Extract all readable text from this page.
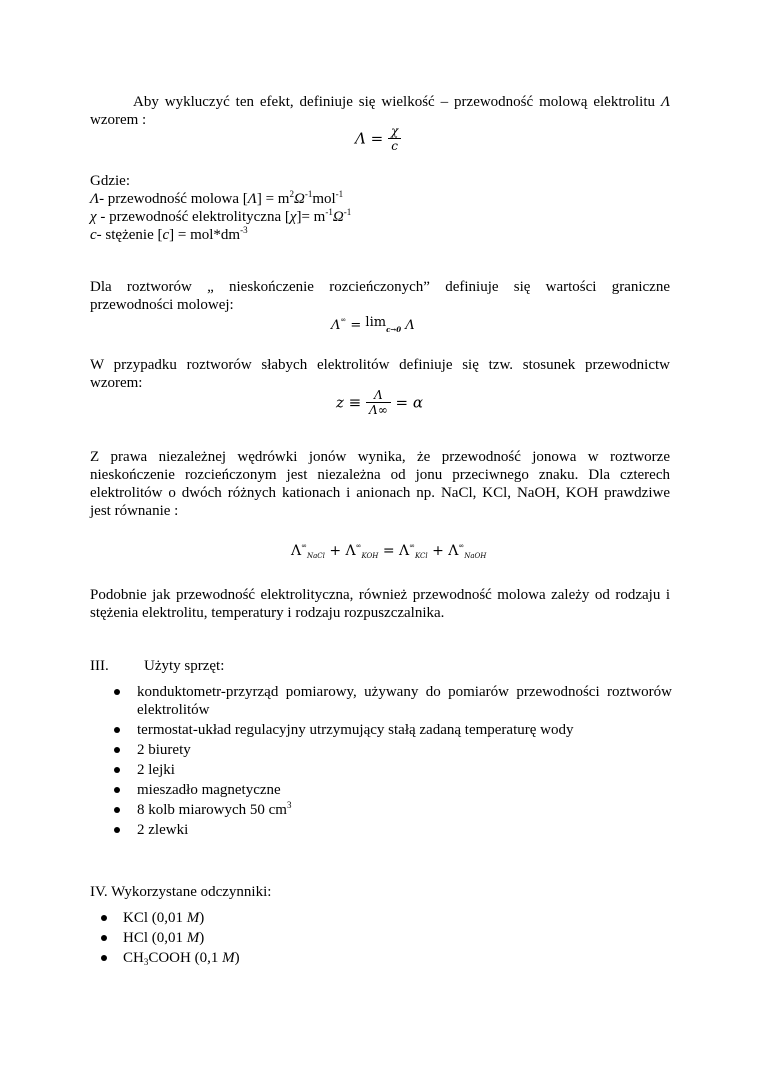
Aby wykluczyć ten efekt, definiuje się wielkość – przewodność molową elektrolitu Λ
wzorem :
$\Lambda = \frac{\chi}{c}$
Gdzie:
Λ- przewodność molowa $[\Lambda] = m^2\Omega^{-1}mol^{-1}$
χ - przewodność elektrolityczna $[\chi]= m^{-1}\Omega^{-1}$
c- stężenie $[c] = mol*dm^{-3}$
Dla roztworów „ nieskończenie rozcieńczonych” definiuje się wartości graniczne
przewodności molowej:
$\Lambda^\infty = \lim_{c\to 0} \Lambda$
W przypadku roztworów słabych elektrolitów definiuje się tzw. stosunek przewodnictw
wzorem:
$z \equiv \frac{\Lambda}{\Lambda\infty} = \alpha$
Z prawa niezależnej wędrówki jonów wynika, że przewodność jonowa w roztworze
nieskończenie rozcieńczonym jest niezależna od jonu przeciwnego znaku. Dla czterech
elektrolitów o dwóch różnych kationach i anionach np. NaCl, KCl, NaOH, KOH prawdziwe
jest równanie :
$\Lambda^\infty_{NaCl} + \Lambda^\infty_{KOH} = \Lambda^\infty_{KCl} + \Lambda^\infty_{NaOH}$
Podobnie jak przewodność elektrolityczna, również przewodność molowa zależy od rodzaju i
stężenia elektrolitu, temperatury i rodzaju rozpuszczalnika.
III. Użyty sprzęt:
konduktometr-przyrząd pomiarowy, używany do pomiarów przewodności roztworów
elektrolitów
termostat-układ regulacyjny utrzymujący stałą zadaną temperaturę wody
2 biurety
2 lejki
mieszadło magnetyczne
8 kolb miarowych 50 $cm^3$
2 zlewki
IV. Wykorzystane odczynniki:
KCl (0,01 M)
HCl (0,01 M)
$CH_3COOH$ (0,1 M)
